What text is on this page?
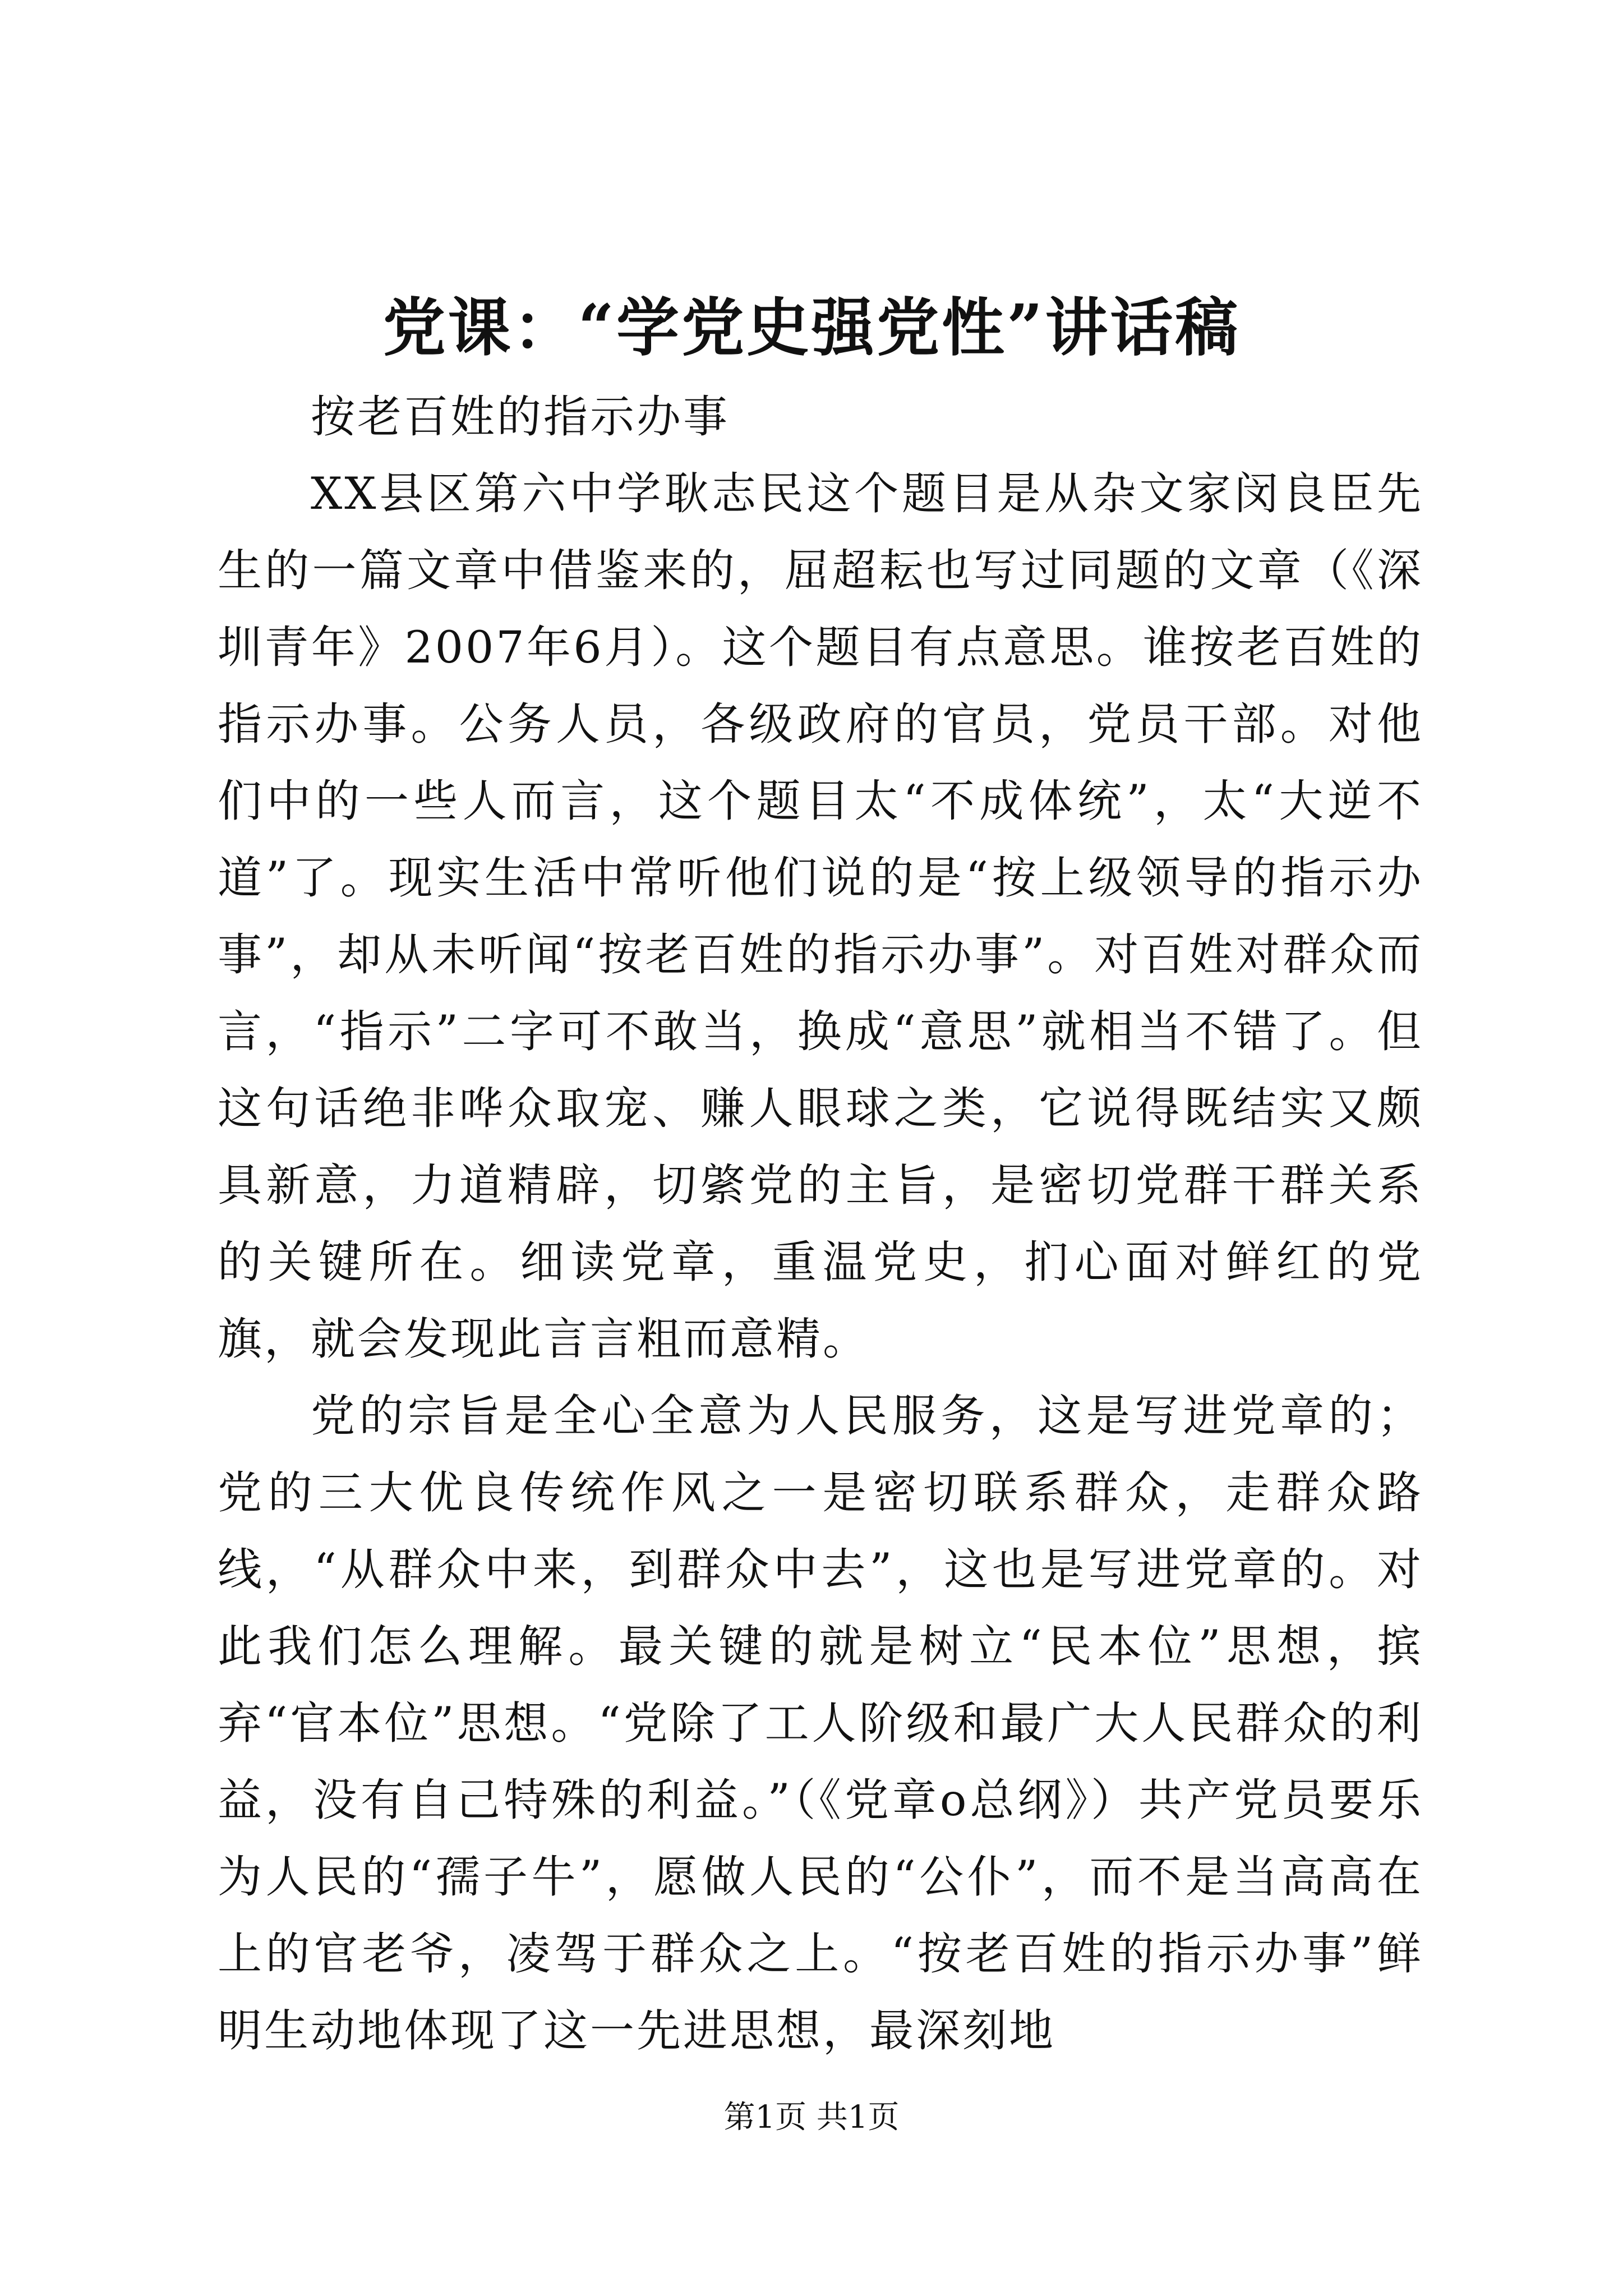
党课：“学党史强党性”讲话稿

按老百姓的指示办事

XX县区第六中学耿志民这个题目是从杂文家闵良臣先生的一篇文章中借鉴来的，屈超耘也写过同题的文章（《深圳青年》2007年6月）。这个题目有点意思。谁按老百姓的指示办事。公务人员，各级政府的官员，党员干部。对他们中的一些人而言，这个题目太“不成体统”，太“大逆不道”了。现实生活中常听他们说的是“按上级领导的指示办事”，却从未听闻“按老百姓的指示办事”。对百姓对群众而言，“指示”二字可不敢当，换成“意思”就相当不错了。但这句话绝非哗众取宠、赚人眼球之类，它说得既结实又颇具新意，力道精辟，切綮党的主旨，是密切党群干群关系的关键所在。细读党章，重温党史，扪心面对鲜红的党旗，就会发现此言言粗而意精。

党的宗旨是全心全意为人民服务，这是写进党章的；党的三大优良传统作风之一是密切联系群众，走群众路线，“从群众中来，到群众中去”，这也是写进党章的。对此我们怎么理解。最关键的就是树立“民本位”思想，摈弃“官本位”思想。“党除了工人阶级和最广大人民群众的利益，没有自己特殊的利益。”（《党章o总纲》）共产党员要乐为人民的“孺子牛”，愿做人民的“公仆”，而不是当高高在上的官老爷，凌驾于群众之上。“按老百姓的指示办事”鲜明生动地体现了这一先进思想，最深刻地

第1页 共1页
